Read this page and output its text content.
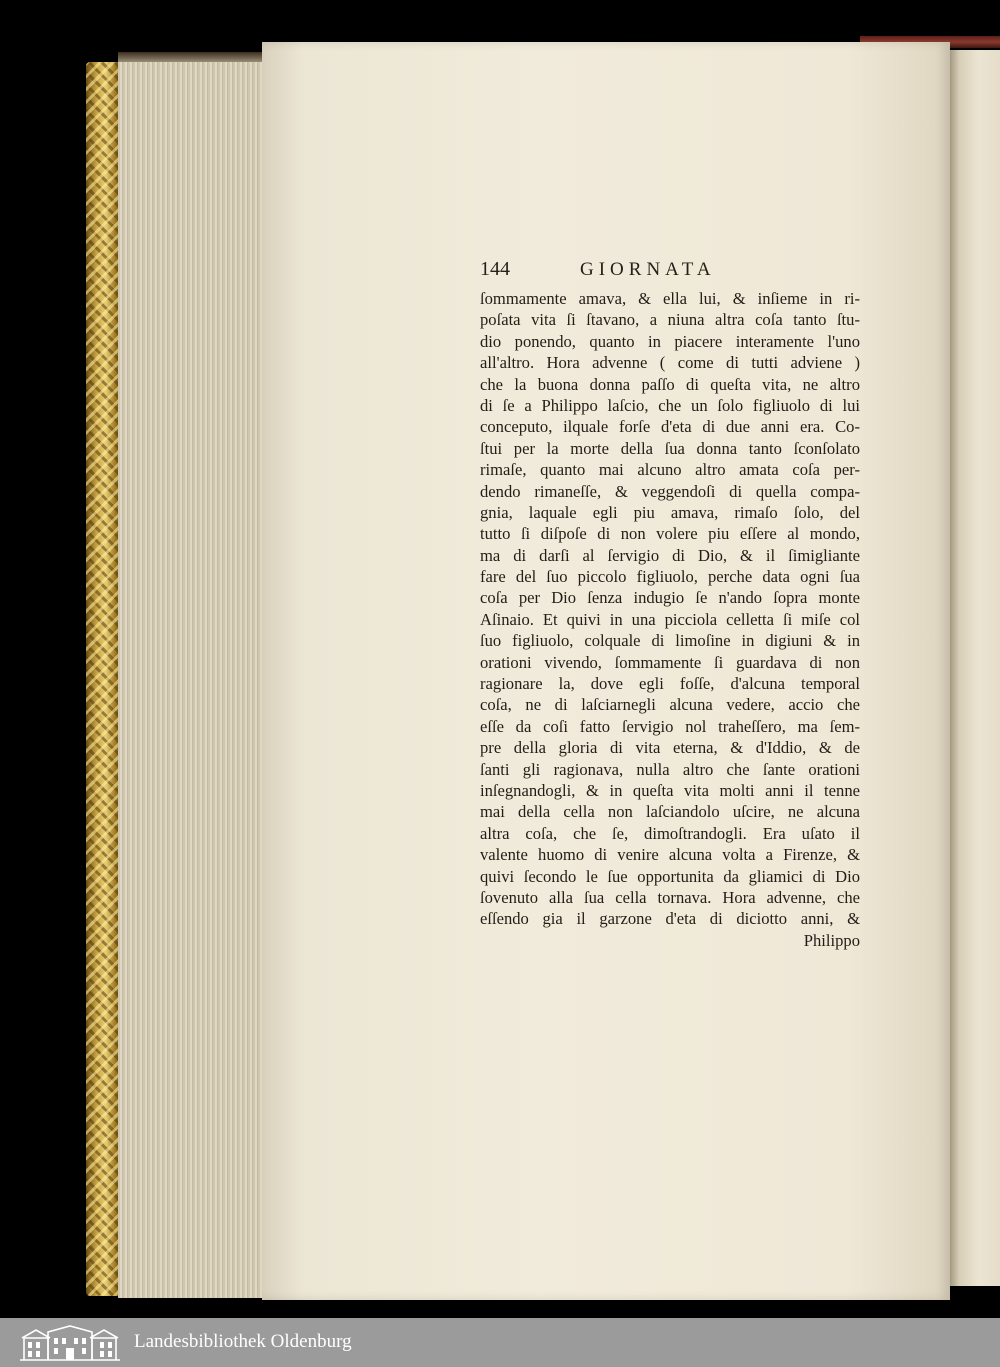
144	GIORNATA
ſommamente amava, & ella lui, & inſieme in ri-
poſata vita ſi ſtavano, a niuna altra coſa tanto ſtu-
dio ponendo, quanto in piacere interamente l'uno
all'altro. Hora advenne ( come di tutti adviene )
che la buona donna paſſo di queſta vita, ne altro
di ſe a Philippo laſcio, che un ſolo figliuolo di lui
conceputo, ilquale forſe d'eta di due anni era. Co-
ſtui per la morte della ſua donna tanto ſconſolato
rimaſe, quanto mai alcuno altro amata coſa per-
dendo rimaneſſe, & veggendoſi di quella compa-
gnia, laquale egli piu amava, rimaſo ſolo, del
tutto ſi diſpoſe di non volere piu eſſere al mondo,
ma di darſi al ſervigio di Dio, & il ſimigliante
fare del ſuo piccolo figliuolo, perche data ogni ſua
coſa per Dio ſenza indugio ſe n'ando ſopra monte
Aſinaio. Et quivi in una picciola celletta ſi miſe col
ſuo figliuolo, colquale di limoſine in digiuni & in
orationi vivendo, ſommamente ſi guardava di non
ragionare la, dove egli foſſe, d'alcuna temporal
coſa, ne di laſciarnegli alcuna vedere, accio che
eſſe da coſi fatto ſervigio nol traheſſero, ma ſem-
pre della gloria di vita eterna, & d'Iddio, & de
ſanti gli ragionava, nulla altro che ſante orationi
inſegnandogli, & in queſta vita molti anni il tenne
mai della cella non laſciandolo uſcire, ne alcuna
altra coſa, che ſe, dimoſtrandogli. Era uſato il
valente huomo di venire alcuna volta a Firenze, &
quivi ſecondo le ſue opportunita da gliamici di Dio
ſovenuto alla ſua cella tornava. Hora advenne, che
eſſendo gia il garzone d'eta di diciotto anni, &
Philippo
Landesbibliothek Oldenburg
